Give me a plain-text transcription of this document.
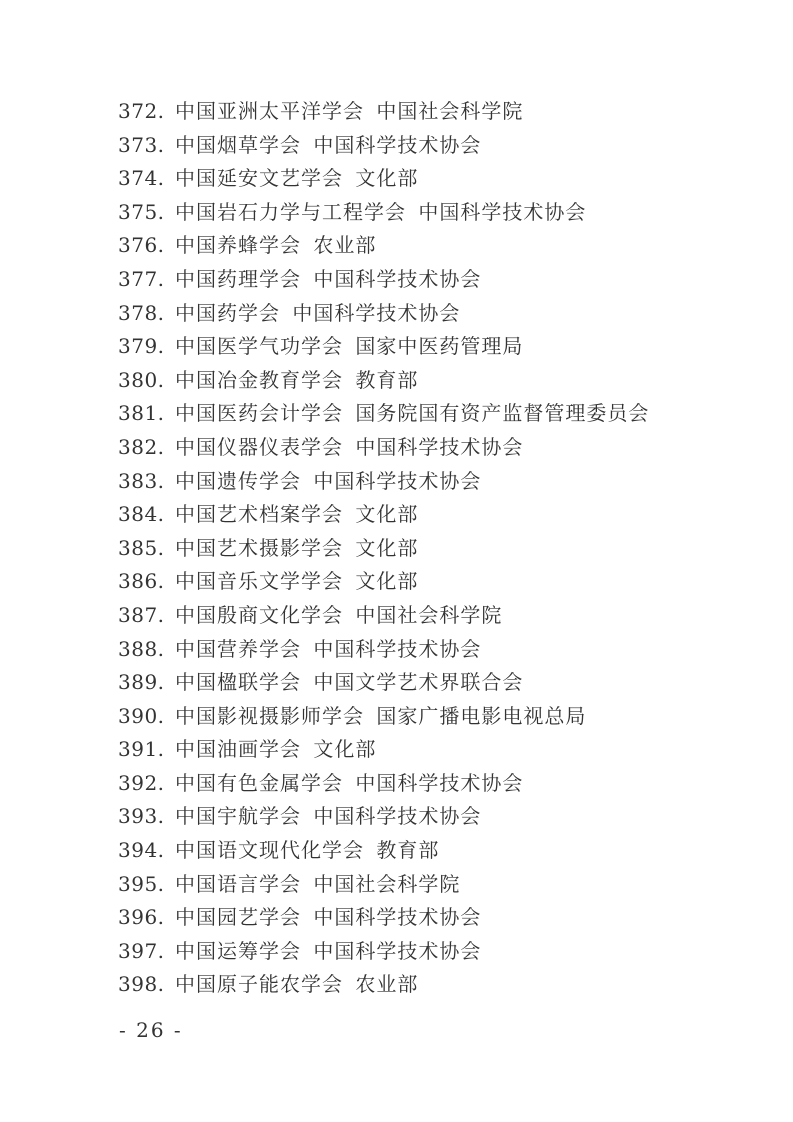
372. 中国亚洲太平洋学会 中国社会科学院
373. 中国烟草学会 中国科学技术协会
374. 中国延安文艺学会 文化部
375. 中国岩石力学与工程学会 中国科学技术协会
376. 中国养蜂学会 农业部
377. 中国药理学会 中国科学技术协会
378. 中国药学会 中国科学技术协会
379. 中国医学气功学会 国家中医药管理局
380. 中国冶金教育学会 教育部
381. 中国医药会计学会 国务院国有资产监督管理委员会
382. 中国仪器仪表学会 中国科学技术协会
383. 中国遗传学会 中国科学技术协会
384. 中国艺术档案学会 文化部
385. 中国艺术摄影学会 文化部
386. 中国音乐文学学会 文化部
387. 中国殷商文化学会 中国社会科学院
388. 中国营养学会 中国科学技术协会
389. 中国楹联学会 中国文学艺术界联合会
390. 中国影视摄影师学会 国家广播电影电视总局
391. 中国油画学会 文化部
392. 中国有色金属学会 中国科学技术协会
393. 中国宇航学会 中国科学技术协会
394. 中国语文现代化学会 教育部
395. 中国语言学会 中国社会科学院
396. 中国园艺学会 中国科学技术协会
397. 中国运筹学会 中国科学技术协会
398. 中国原子能农学会 农业部
- 26 -
